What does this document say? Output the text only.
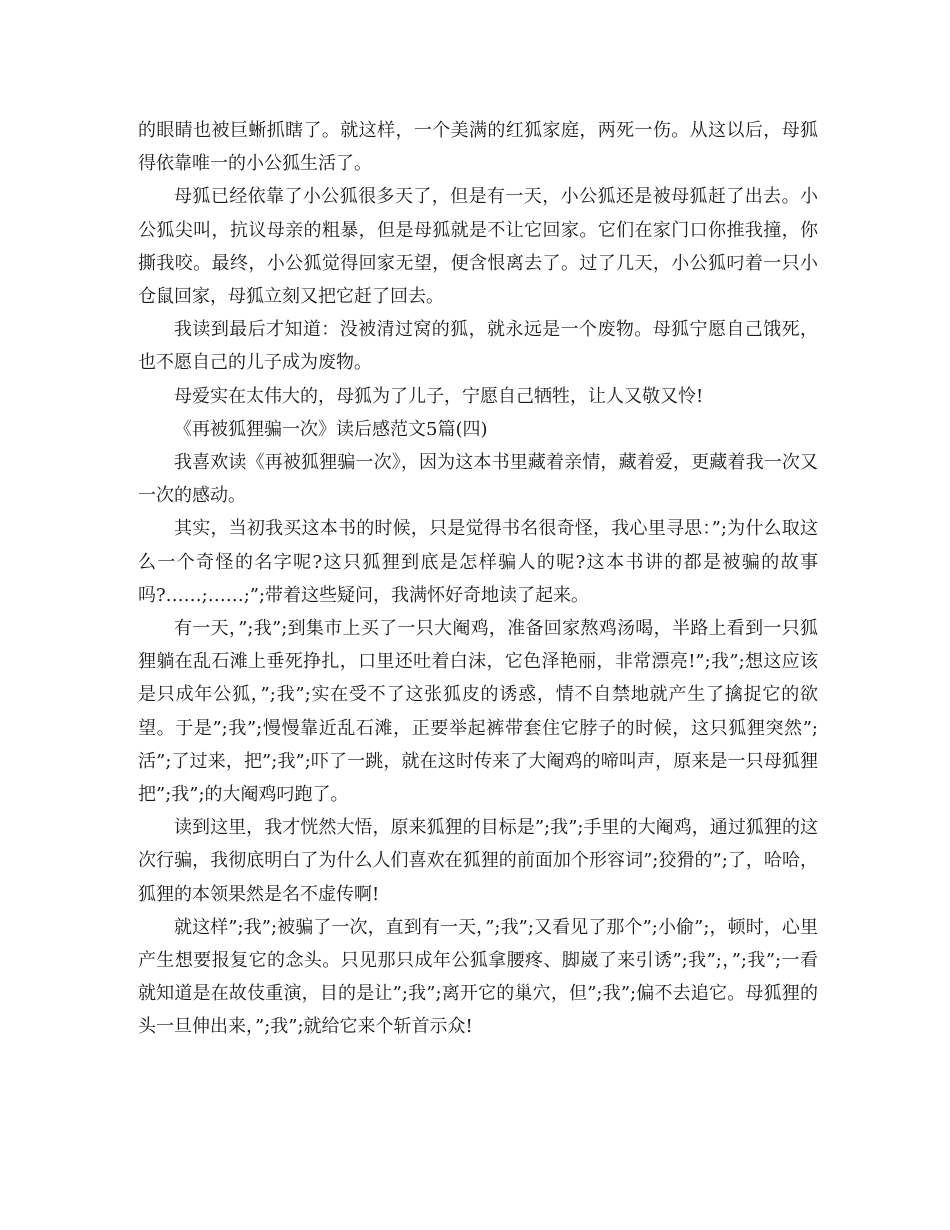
的眼睛也被巨蜥抓瞎了。就这样，一个美满的红狐家庭，两死一伤。从这以后，母狐得依靠唯一的小公狐生活了。

母狐已经依靠了小公狐很多天了，但是有一天，小公狐还是被母狐赶了出去。小公狐尖叫，抗议母亲的粗暴，但是母狐就是不让它回家。它们在家门口你推我撞，你撕我咬。最终，小公狐觉得回家无望，便含恨离去了。过了几天，小公狐叼着一只小仓鼠回家，母狐立刻又把它赶了回去。

我读到最后才知道：没被清过窝的狐，就永远是一个废物。母狐宁愿自己饿死，也不愿自己的儿子成为废物。

母爱实在太伟大的，母狐为了儿子，宁愿自己牺牲，让人又敬又怜!

《再被狐狸骗一次》读后感范文5篇(四)

我喜欢读《再被狐狸骗一次》，因为这本书里藏着亲情，藏着爱，更藏着我一次又一次的感动。

其实，当初我买这本书的时候，只是觉得书名很奇怪，我心里寻思：”;为什么取这么一个奇怪的名字呢?这只狐狸到底是怎样骗人的呢?这本书讲的都是被骗的故事吗?……;……;”;带着这些疑问，我满怀好奇地读了起来。

有一天，”;我”;到集市上买了一只大阉鸡，准备回家熬鸡汤喝，半路上看到一只狐狸躺在乱石滩上垂死挣扎，口里还吐着白沫，它色泽艳丽，非常漂亮!”;我”;想这应该是只成年公狐，”;我”;实在受不了这张狐皮的诱惑，情不自禁地就产生了擒捉它的欲望。于是”;我”;慢慢靠近乱石滩，正要举起裤带套住它脖子的时候，这只狐狸突然”;活”;了过来，把”;我”;吓了一跳，就在这时传来了大阉鸡的啼叫声，原来是一只母狐狸把”;我”;的大阉鸡叼跑了。

读到这里，我才恍然大悟，原来狐狸的目标是”;我”;手里的大阉鸡，通过狐狸的这次行骗，我彻底明白了为什么人们喜欢在狐狸的前面加个形容词”;狡猾的”;了，哈哈，狐狸的本领果然是名不虚传啊!

就这样”;我”;被骗了一次，直到有一天，”;我”;又看见了那个”;小偷”;，顿时，心里产生想要报复它的念头。只见那只成年公狐拿腰疼、脚崴了来引诱”;我”;，”;我”;一看就知道是在故伎重演，目的是让”;我”;离开它的巢穴，但”;我”;偏不去追它。母狐狸的头一旦伸出来，”;我”;就给它来个斩首示众!
